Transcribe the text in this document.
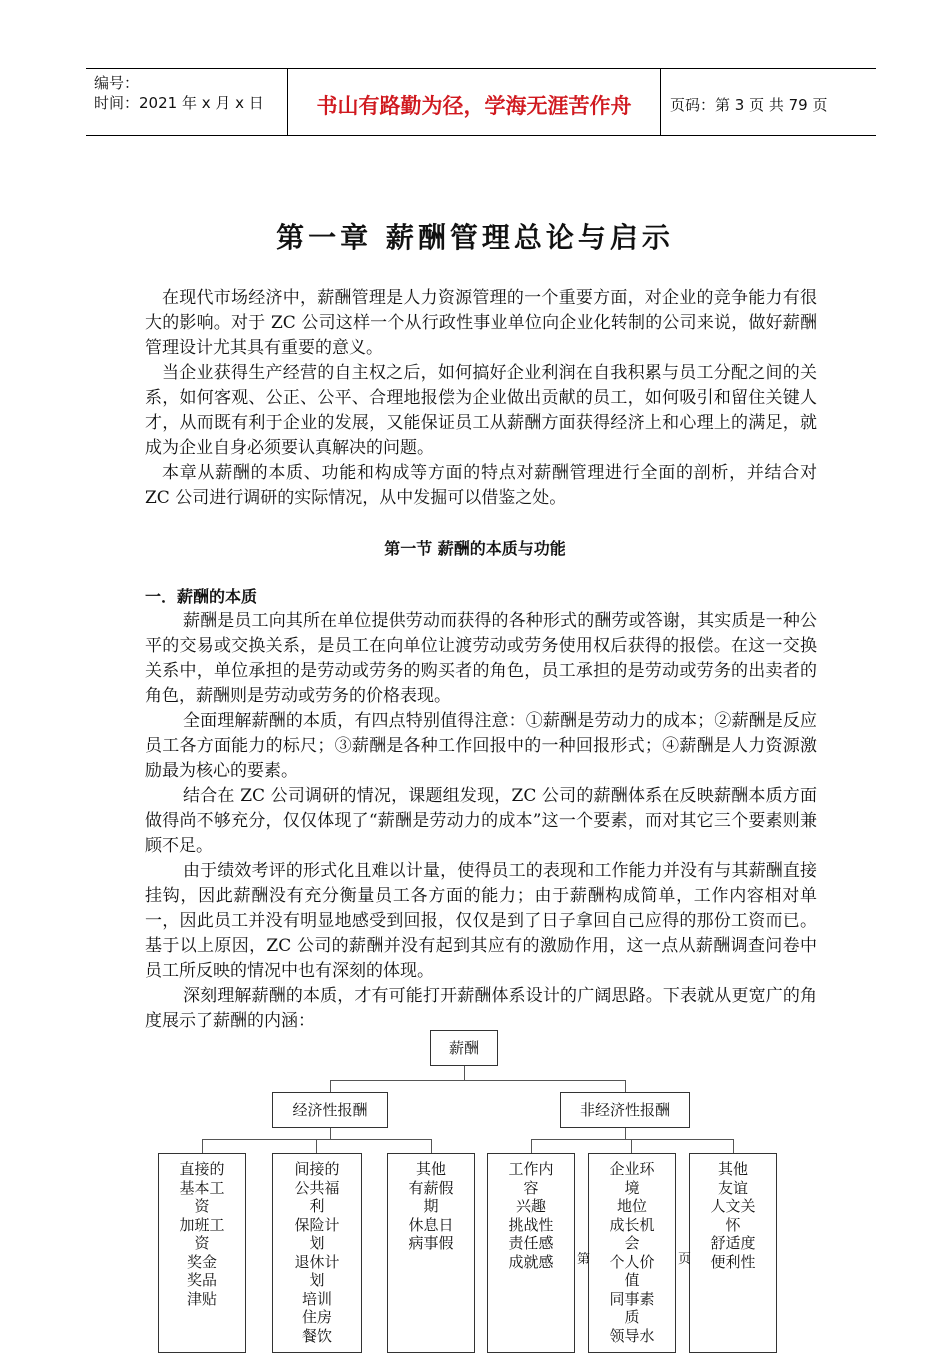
编号：
时间：2021 年 x 月 x 日	书山有路勤为径，学海无涯苦作舟	页码：第 3 页 共 79 页
第一章 薪酬管理总论与启示
在现代市场经济中，薪酬管理是人力资源管理的一个重要方面，对企业的竞争能力有很大的影响。对于 ZC 公司这样一个从行政性事业单位向企业化转制的公司来说，做好薪酬管理设计尤其具有重要的意义。
当企业获得生产经营的自主权之后，如何搞好企业利润在自我积累与员工分配之间的关系，如何客观、公正、公平、合理地报偿为企业做出贡献的员工，如何吸引和留住关键人才，从而既有利于企业的发展，又能保证员工从薪酬方面获得经济上和心理上的满足，就成为企业自身必须要认真解决的问题。
本章从薪酬的本质、功能和构成等方面的特点对薪酬管理进行全面的剖析，并结合对 ZC 公司进行调研的实际情况，从中发掘可以借鉴之处。
第一节 薪酬的本质与功能
一．薪酬的本质
薪酬是员工向其所在单位提供劳动而获得的各种形式的酬劳或答谢，其实质是一种公平的交易或交换关系，是员工在向单位让渡劳动或劳务使用权后获得的报偿。在这一交换关系中，单位承担的是劳动或劳务的购买者的角色，员工承担的是劳动或劳务的出卖者的角色，薪酬则是劳动或劳务的价格表现。
全面理解薪酬的本质，有四点特别值得注意：①薪酬是劳动力的成本；②薪酬是反应员工各方面能力的标尺；③薪酬是各种工作回报中的一种回报形式；④薪酬是人力资源激励最为核心的要素。
结合在 ZC 公司调研的情况，课题组发现，ZC 公司的薪酬体系在反映薪酬本质方面做得尚不够充分，仅仅体现了“薪酬是劳动力的成本”这一个要素，而对其它三个要素则兼顾不足。
由于绩效考评的形式化且难以计量，使得员工的表现和工作能力并没有与其薪酬直接挂钩，因此薪酬没有充分衡量员工各方面的能力；由于薪酬构成简单，工作内容相对单一，因此员工并没有明显地感受到回报，仅仅是到了日子拿回自己应得的那份工资而已。基于以上原因，ZC 公司的薪酬并没有起到其应有的激励作用，这一点从薪酬调查问卷中员工所反映的情况中也有深刻的体现。
深刻理解薪酬的本质，才有可能打开薪酬体系设计的广阔思路。下表就从更宽广的角度展示了薪酬的内涵：
薪酬
经济性报酬	非经济性报酬
直接的
基本工
资
加班工
资
奖金
奖品
津贴
间接的
公共福
利
保险计
划
退休计
划
培训
住房
餐饮
其他
有薪假
期
休息日
病事假
工作内
容
兴趣
挑战性
责任感
成就感
企业环
境
地位
成长机
会
个人价
值
同事素
质
领导水
其他
友谊
人文关
怀
舒适度
便利性
第	页
